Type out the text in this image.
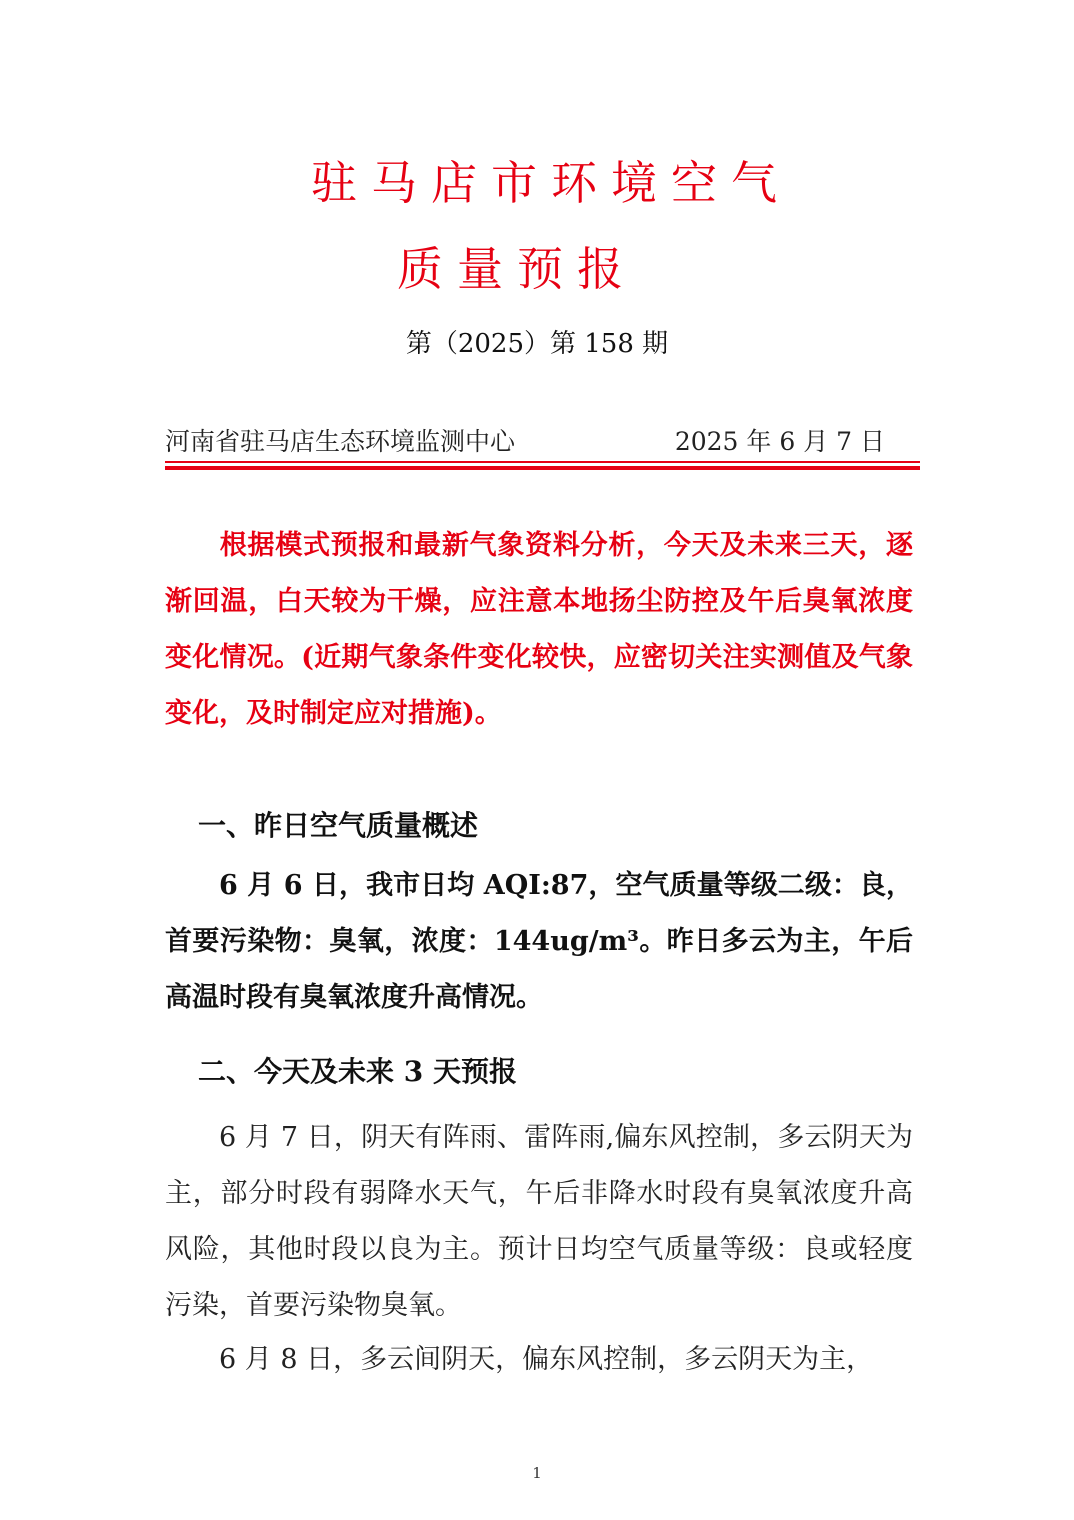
驻马店市环境空气
质量预报
第（2025）第 158 期
河南省驻马店生态环境监测中心	2025 年 6 月 7 日

根据模式预报和最新气象资料分析，今天及未来三天，逐渐回温，白天较为干燥，应注意本地扬尘防控及午后臭氧浓度变化情况。(近期气象条件变化较快，应密切关注实测值及气象变化，及时制定应对措施)。

一、昨日空气质量概述

6 月 6 日，我市日均 AQI:87，空气质量等级二级：良，首要污染物：臭氧，浓度：144ug/m³。昨日多云为主，午后高温时段有臭氧浓度升高情况。

二、今天及未来 3 天预报

6 月 7 日，阴天有阵雨、雷阵雨,偏东风控制，多云阴天为主，部分时段有弱降水天气，午后非降水时段有臭氧浓度升高风险，其他时段以良为主。预计日均空气质量等级：良或轻度污染，首要污染物臭氧。

6 月 8 日，多云间阴天，偏东风控制，多云阴天为主，

1
